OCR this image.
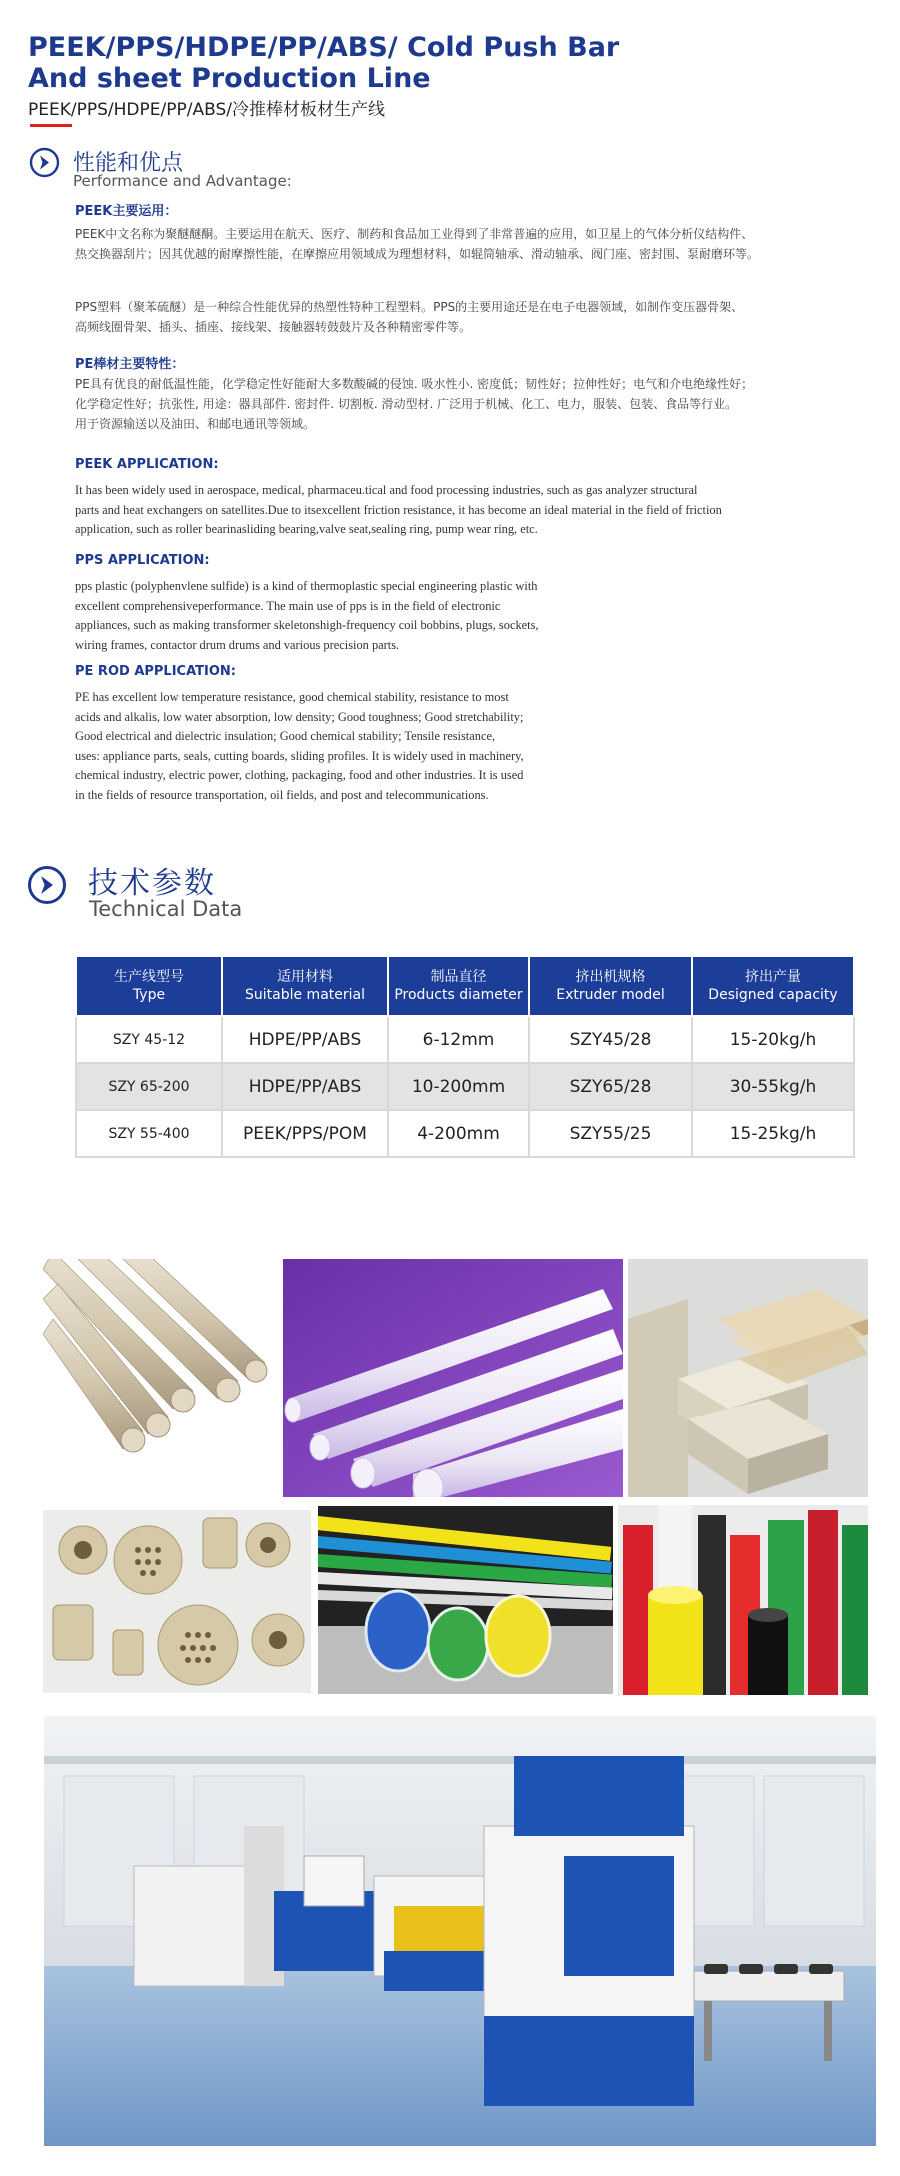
PEEK/PPS/HDPE/PP/ABS/ Cold Push Bar
And sheet Production Line
PEEK/PPS/HDPE/PP/ABS/冷推棒材板材生产线
性能和优点
Performance and Advantage:
PEEK主要运用：
PEEK中文名称为聚醚醚酮。主要运用在航天、医疗、制药和食品加工业得到了非常普遍的应用，如卫星上的气体分析仪结构件、
热交换器刮片；因其优越的耐摩擦性能，在摩擦应用领域成为理想材料，如辊筒轴承、滑动轴承、阀门座、密封围、泵耐磨环等。
PPS塑料（聚苯硫醚）是一种综合性能优异的热塑性特种工程塑料。PPS的主要用途还是在电子电器领域，如制作变压器骨架、
高频线圈骨架、插头、插座、接线架、接触器转鼓鼓片及各种精密零件等。
PE棒材主要特性：
PE具有优良的耐低温性能，化学稳定性好能耐大多数酸碱的侵蚀. 吸水性小. 密度低；韧性好；拉伸性好；电气和介电绝缘性好；
化学稳定性好；抗张性, 用途：器具部件. 密封件. 切割板. 滑动型材. 广泛用于机械、化工、电力，服装、包装、食品等行业。
用于资源输送以及油田、和邮电通讯等领域。
PEEK APPLICATION:
It has been widely used in aerospace, medical, pharmaceu.tical and food processing industries, such as gas analyzer structural
parts and heat exchangers on satellites.Due to itsexcellent friction resistance, it has become an ideal material in the field of friction
application, such as roller bearinasliding bearing,valve seat,sealing ring, pump wear ring, etc.
PPS APPLICATION:
pps plastic (polyphenvlene sulfide) is a kind of thermoplastic special engineering plastic with
excellent comprehensiveperformance. The main use of pps is in the field of electronic
appliances, such as making transformer skeletonshigh-frequency coil bobbins, plugs, sockets,
wiring frames, contactor drum drums and various precision parts.
PE ROD APPLICATION:
PE has excellent low temperature resistance, good chemical stability, resistance to most
acids and alkalis, low water absorption, low density; Good toughness; Good stretchability;
Good electrical and dielectric insulation; Good chemical stability; Tensile resistance,
uses: appliance parts, seals, cutting boards, sliding profiles. It is widely used in machinery,
chemical industry, electric power, clothing, packaging, food and other industries. It is used
in the fields of resource transportation, oil fields, and post and telecommunications.
技术参数
Technical Data
生产线型号
Type	适用材料
Suitable material	制品直径
Products diameter	挤出机规格
Extruder model	挤出产量
Designed capacity

SZY 45-12	HDPE/PP/ABS	6-12mm	SZY45/28	15-20kg/h
SZY 65-200	HDPE/PP/ABS	10-200mm	SZY65/28	30-55kg/h
SZY 55-400	PEEK/PPS/POM	4-200mm	SZY55/25	15-25kg/h
